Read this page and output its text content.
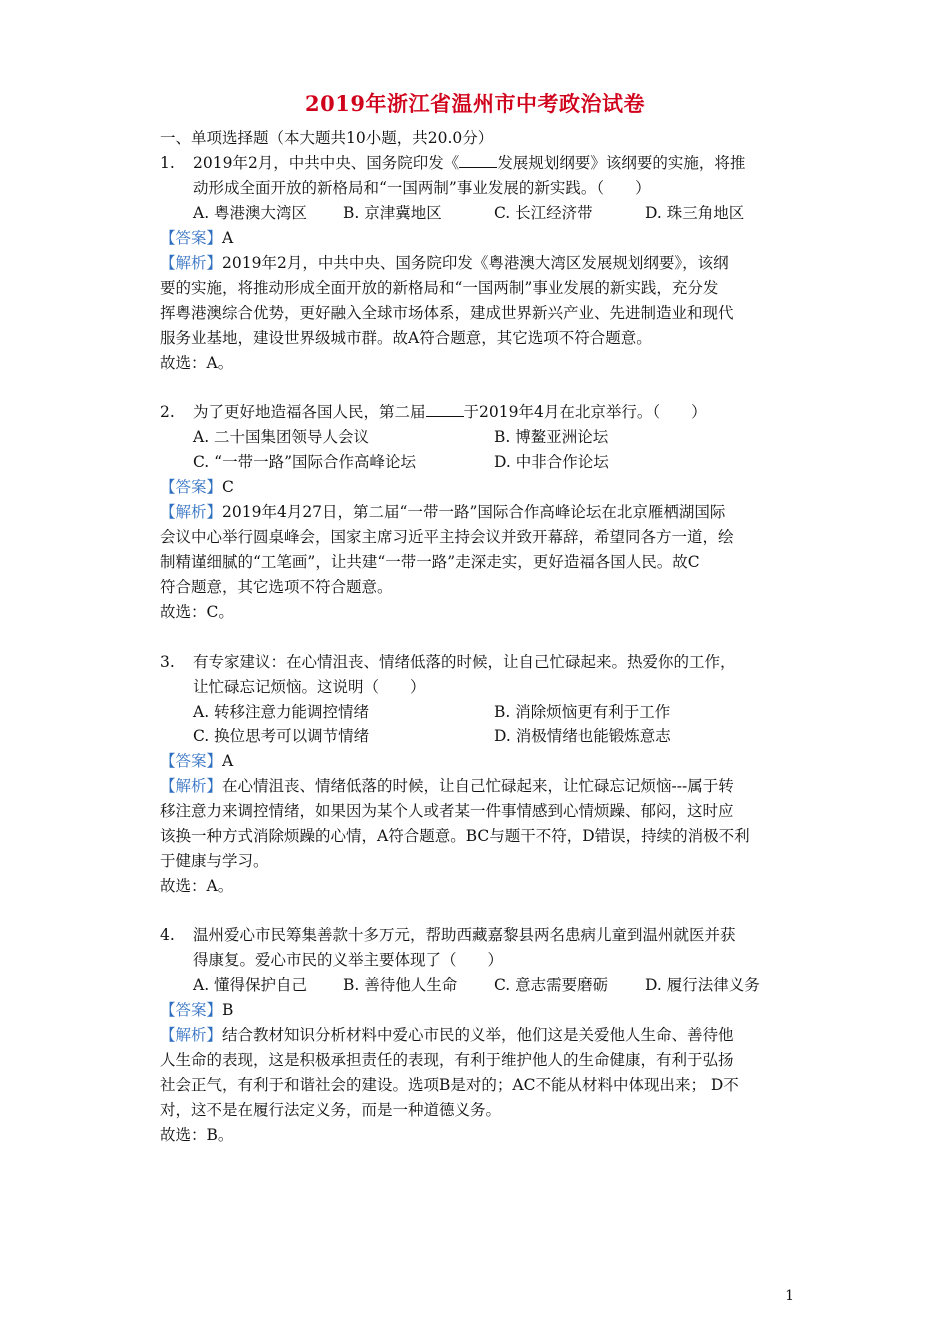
2019年浙江省温州市中考政治试卷
一、单项选择题（本大题共10小题，共20.0分）
1. 2019年2月，中共中央、国务院印发《 发展规划纲要》该纲要的实施，将推
动形成全面开放的新格局和“一国两制”事业发展的新实践。（　　）
A. 粤港澳大湾区 B. 京津冀地区	C. 长江经济带	D. 珠三角地区
【答案】A
【解析】2019年2月，中共中央、国务院印发《粤港澳大湾区发展规划纲要》，该纲
要的实施，将推动形成全面开放的新格局和“一国两制”事业发展的新实践，充分发
挥粤港澳综合优势，更好融入全球市场体系，建成世界新兴产业、先进制造业和现代
服务业基地，建设世界级城市群。故A符合题意，其它选项不符合题意。
故选：A。
2. 为了更好地造福各国人民，第二届 于2019年4月在北京举行。（　　）
A. 二十国集团领导人会议	B. 博鳌亚洲论坛
C. “一带一路”国际合作高峰论坛	D. 中非合作论坛
【答案】C
【解析】2019年4月27日，第二届“一带一路”国际合作高峰论坛在北京雁栖湖国际
会议中心举行圆桌峰会，国家主席习近平主持会议并致开幕辞，希望同各方一道，绘
制精谨细腻的“工笔画”，让共建“一带一路”走深走实，更好造福各国人民。故C
符合题意，其它选项不符合题意。
故选：C。
3. 有专家建议：在心情沮丧、情绪低落的时候，让自己忙碌起来。热爱你的工作，
让忙碌忘记烦恼。这说明（　　）
A. 转移注意力能调控情绪	B. 消除烦恼更有利于工作
C. 换位思考可以调节情绪	D. 消极情绪也能锻炼意志
【答案】A
【解析】在心情沮丧、情绪低落的时候，让自己忙碌起来，让忙碌忘记烦恼---属于转
移注意力来调控情绪，如果因为某个人或者某一件事情感到心情烦躁、郁闷，这时应
该换一种方式消除烦躁的心情，A符合题意。BC与题干不符，D错误，持续的消极不利
于健康与学习。
故选：A。
4. 温州爱心市民筹集善款十多万元，帮助西藏嘉黎县两名患病儿童到温州就医并获
得康复。爱心市民的义举主要体现了（　　）
A. 懂得保护自己 B. 善待他人生命 C. 意志需要磨砺 D. 履行法律义务
【答案】B
【解析】结合教材知识分析材料中爱心市民的义举，他们这是关爱他人生命、善待他
人生命的表现，这是积极承担责任的表现，有利于维护他人的生命健康，有利于弘扬
社会正气，有利于和谐社会的建设。选项B是对的；AC不能从材料中体现出来； D不
对，这不是在履行法定义务，而是一种道德义务。
故选：B。
1
